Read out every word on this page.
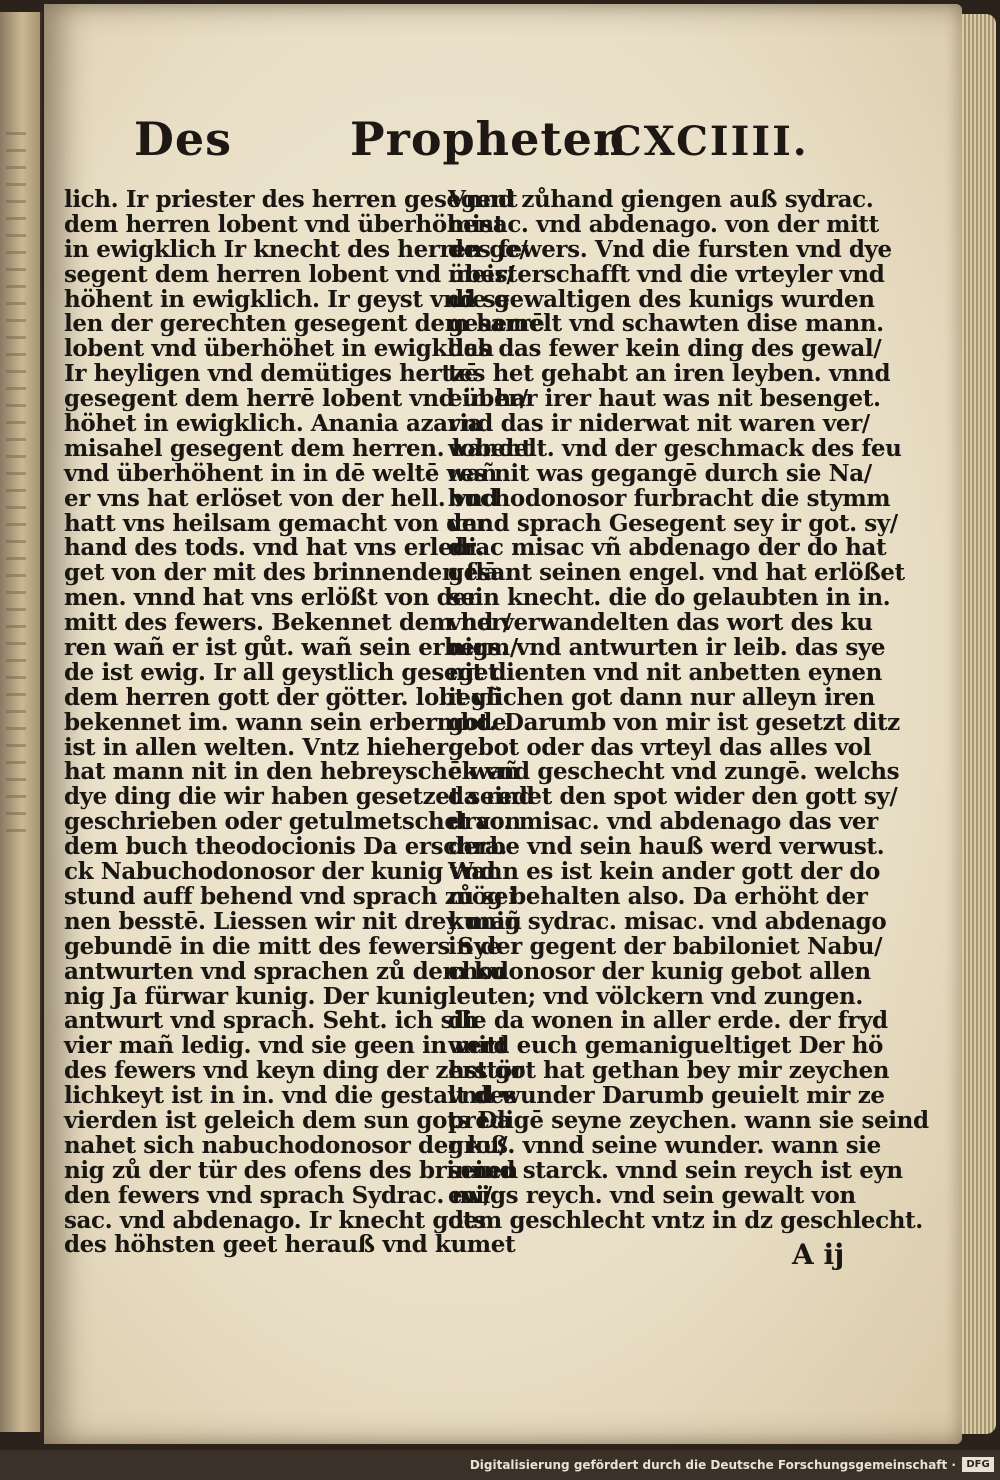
Des	Propheten
.CXCIIII.
A ij
lich. Ir priester des herren gesegent
dem herren lobent vnd überhöhent
in ewigklich Ir knecht des herren ge/
segent dem herren lobent vnd über/
höhent in ewigklich. Ir geyst vnd se
len der gerechten gesegent dem herrē
lobent vnd überhöhet in ewigklich
Ir heyligen vnd demütiges hertzē
gesegent dem herrē lobent vnd über/
höhet in ewigklich. Anania azaria
misahel gesegent dem herren. lobent
vnd überhöhent in in dē weltē wañ
er vns hat erlöset von der hell. vnd
hatt vns heilsam gemacht von der
hand des tods. vnd hat vns erledi.
get von der mit des brinnenden flā
men. vnnd hat vns erlößt von der
mitt des fewers. Bekennet dem her/
ren wañ er ist gůt. wañ sein erberm/
de ist ewig. Ir all geystlich geseget
dem herren gott der götter. lobt vñ
bekennet im. wann sein erbermbde
ist in allen welten. Vntz hieher
hat mann nit in den hebreyschē wañ
dye ding die wir haben gesetzet seind
geschrieben oder getulmetschet von
dem buch theodocionis Da erschra.
ck Nabuchodonosor der kunig vnd
stund auff behend vnd sprach zů sei
nen besstē. Liessen wir nit drey mañ
gebundē in die mitt des fewers Sye
antwurten vnd sprachen zů dem ku
nig Ja fürwar kunig. Der kunig
antwurt vnd sprach. Seht. ich sih
vier mañ ledig. vnd sie geen in mitt
des fewers vnd keyn ding der zerstör
lichkeyt ist in in. vnd die gestalt des
vierden ist geleich dem sun gots Da
nahet sich nabuchodonosor der ku/
nig zů der tür des ofens des brinnen
den fewers vnd sprach Sydrac. mi/
sac. vnd abdenago. Ir knecht gots
des höhsten geet herauß vnd kumet
Vnnd zůhand giengen auß sydrac.
misac. vnd abdenago. von der mitt
des fewers. Vnd die fursten vnd dye
meisterschafft vnd die vrteyler vnd
die gewaltigen des kunigs wurden
gesamelt vnd schawten dise mann.
das das fewer kein ding des gewal/
tes het gehabt an iren leyben. vnnd
ein har irer haut was nit besenget.
vnd das ir niderwat nit waren ver/
wandelt. vnd der geschmack des feu
res nit was gegangē durch sie Na/
buchodonosor furbracht die stymm
vnnd sprach Gesegent sey ir got. sy/
drac misac vñ abdenago der do hat
gesant seinen engel. vnd hat erlößet
sein knecht. die do gelaubten in in.
vnd verwandelten das wort des ku
nigs. vnd antwurten ir leib. das sye
nit dienten vnd nit anbetten eynen
ieglichen got dann nur alleyn iren
got. Darumb von mir ist gesetzt ditz
gebot oder das vrteyl das alles vol
ck vnd geschecht vnd zungē. welchs
da redet den spot wider den gott sy/
drac. misac. vnd abdenago das ver
derbe vnd sein hauß werd verwust.
Wann es ist kein ander gott der do
mög behalten also. Da erhöht der
kunig sydrac. misac. vnd abdenago
in der gegent der babiloniet Nabu/
chodonosor der kunig gebot allen
leuten; vnd völckern vnd zungen.
die da wonen in aller erde. der fryd
werd euch gemanigueltiget Der hö
hst got hat gethan bey mir zeychen
vnd wunder Darumb geuielt mir ze
predigē seyne zeychen. wann sie seind
groß. vnnd seine wunder. wann sie
seind starck. vnnd sein reych ist eyn
ewigs reych. vnd sein gewalt von
dem geschlecht vntz in dz geschlecht.
Digitalisierung gefördert durch die Deutsche Forschungsgemeinschaft ·	DFG
